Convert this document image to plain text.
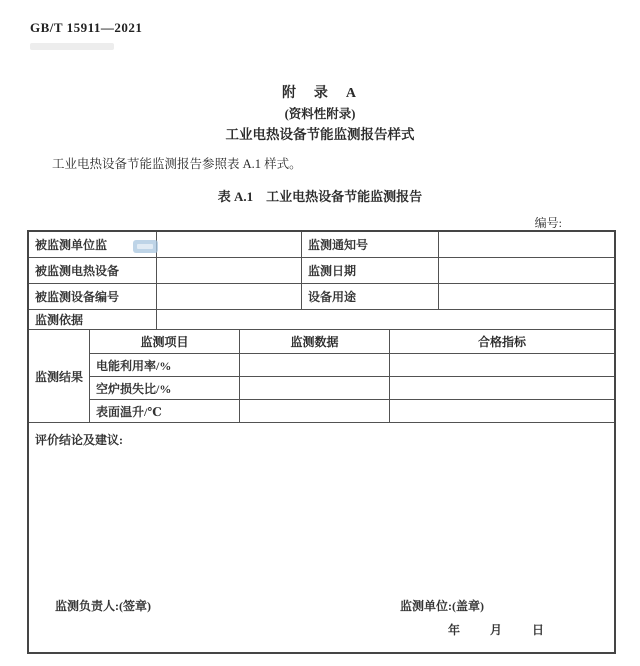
GB/T 15911—2021
附　录　A
(资料性附录)
工业电热设备节能监测报告样式
工业电热设备节能监测报告参照表 A.1 样式。
表 A.1　工业电热设备节能监测报告
编号:
被监测单位监	监测通知号
被监测电热设备	监测日期
被监测设备编号	设备用途
监测依据
监测结果
监测项目	监测数据	合格指标
电能利用率/%
空炉损失比/%
表面温升/℃
评价结论及建议:
监测负责人:(签章)	监测单位:(盖章)
年	月	日
